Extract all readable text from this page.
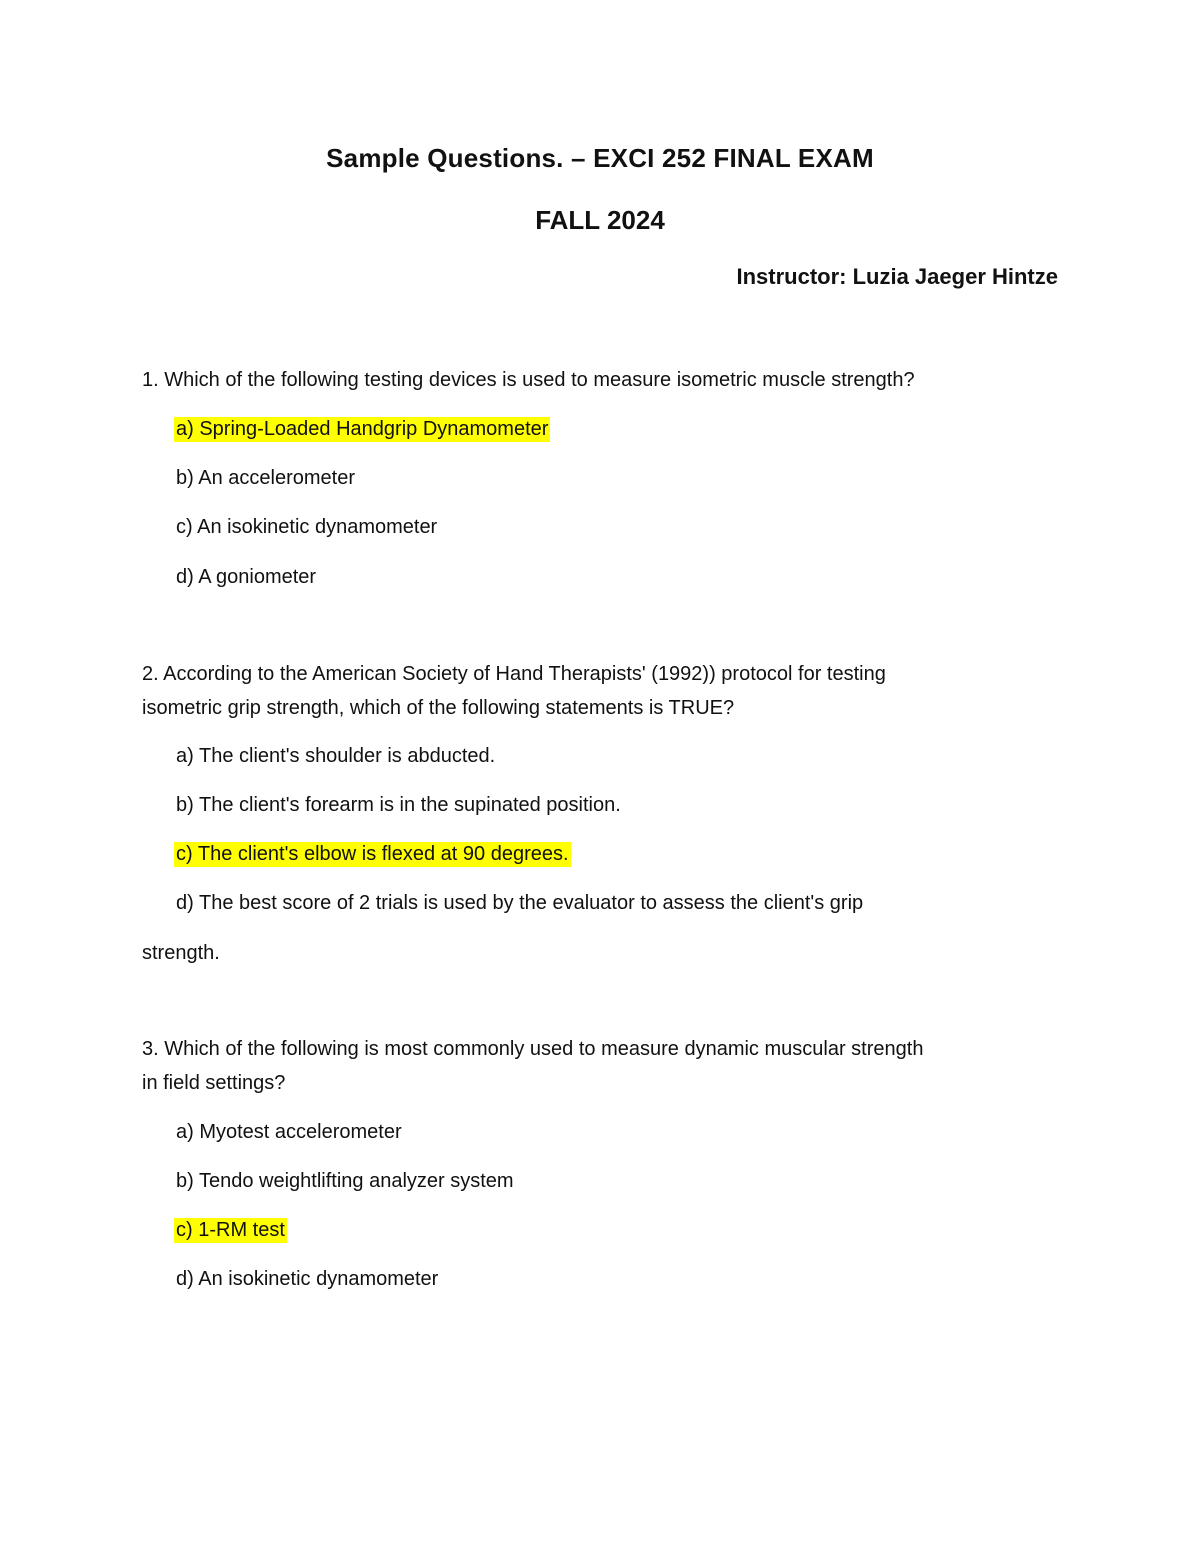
Sample Questions. – EXCI 252 FINAL EXAM
FALL 2024
Instructor: Luzia Jaeger Hintze
1. Which of the following testing devices is used to measure isometric muscle strength?
a) Spring-Loaded Handgrip Dynamometer
b) An accelerometer
c) An isokinetic dynamometer
d) A goniometer
2. According to the American Society of Hand Therapists' (1992)) protocol for testing
isometric grip strength, which of the following statements is TRUE?
a) The client's shoulder is abducted.
b) The client's forearm is in the supinated position.
c) The client's elbow is flexed at 90 degrees.
d) The best score of 2 trials is used by the evaluator to assess the client's grip
strength.
3. Which of the following is most commonly used to measure dynamic muscular strength
in field settings?
a) Myotest accelerometer
b) Tendo weightlifting analyzer system
c) 1-RM test
d) An isokinetic dynamometer
